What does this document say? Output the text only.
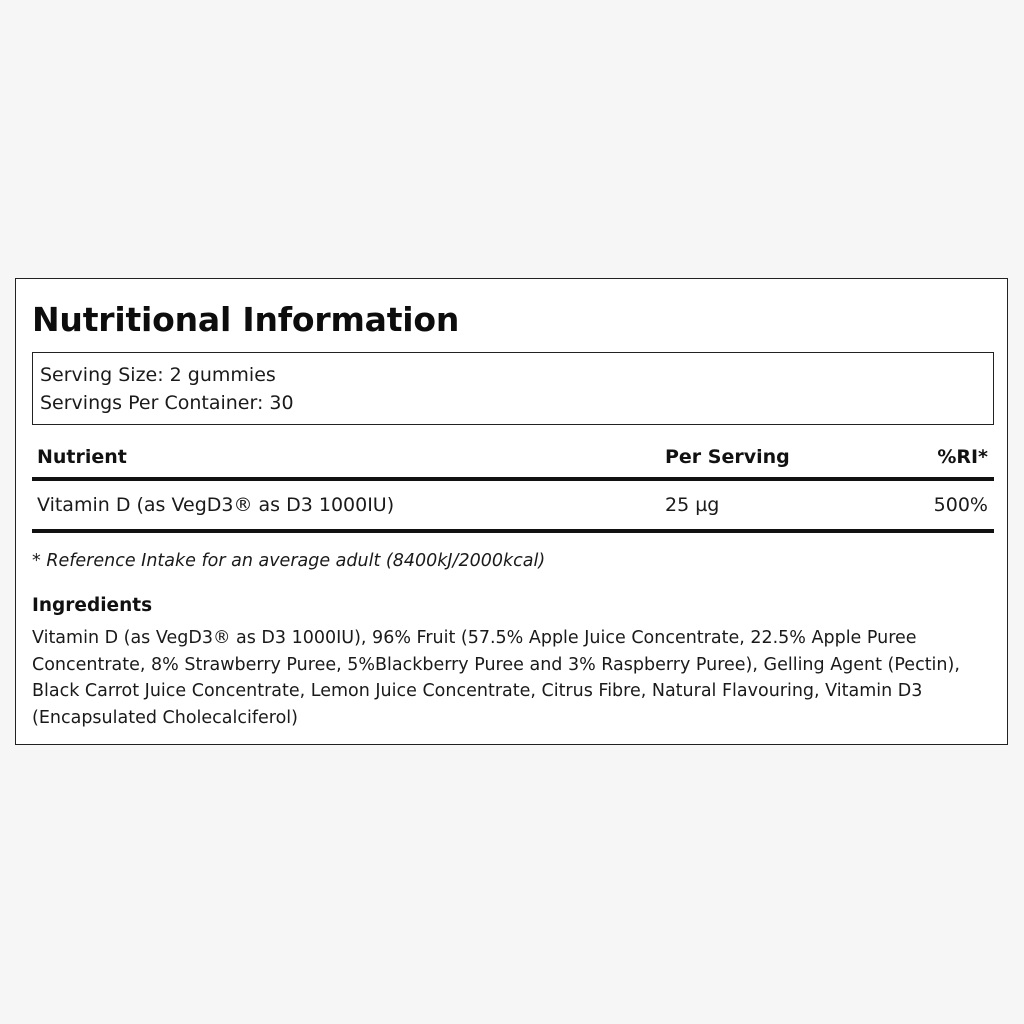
Nutritional Information
Serving Size: 2 gummies
Servings Per Container: 30
Nutrient	Per Serving	%RI*
Vitamin D (as VegD3® as D3 1000IU)	25 µg	500%
* Reference Intake for an average adult (8400kJ/2000kcal)
Ingredients

Vitamin D (as VegD3® as D3 1000IU), 96% Fruit (57.5% Apple Juice Concentrate, 22.5% Apple Puree Concentrate, 8% Strawberry Puree, 5%Blackberry Puree and 3% Raspberry Puree), Gelling Agent (Pectin), Black Carrot Juice Concentrate, Lemon Juice Concentrate, Citrus Fibre, Natural Flavouring, Vitamin D3 (Encapsulated Cholecalciferol)
